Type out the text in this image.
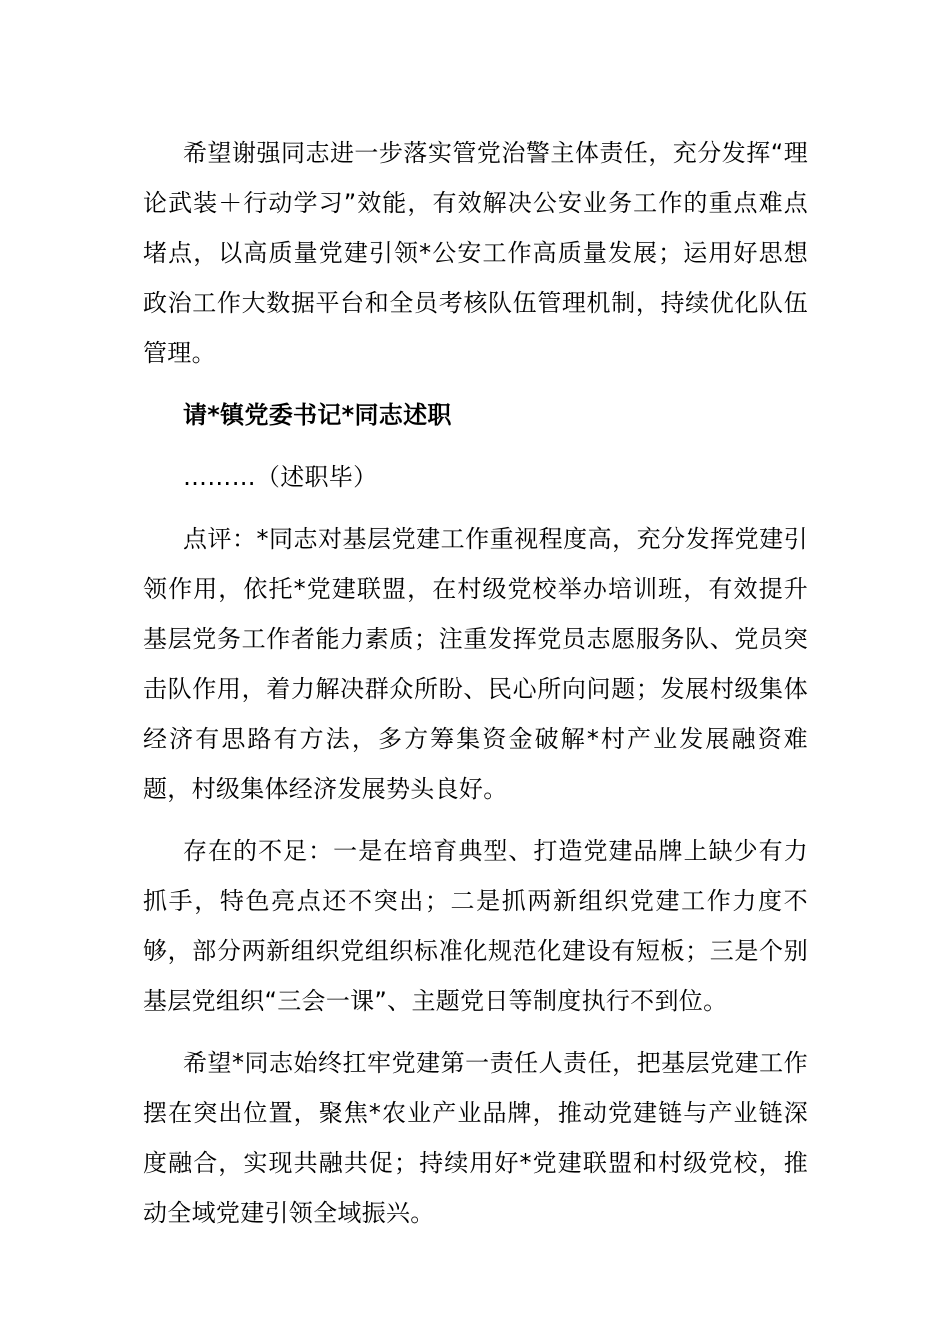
希望谢强同志进一步落实管党治警主体责任，充分发挥“理论武装＋行动学习”效能，有效解决公安业务工作的重点难点堵点，以高质量党建引领*公安工作高质量发展；运用好思想政治工作大数据平台和全员考核队伍管理机制，持续优化队伍管理。

请*镇党委书记*同志述职

………（述职毕）

点评：*同志对基层党建工作重视程度高，充分发挥党建引领作用，依托*党建联盟，在村级党校举办培训班，有效提升基层党务工作者能力素质；注重发挥党员志愿服务队、党员突击队作用，着力解决群众所盼、民心所向问题；发展村级集体经济有思路有方法，多方筹集资金破解*村产业发展融资难题，村级集体经济发展势头良好。

存在的不足：一是在培育典型、打造党建品牌上缺少有力抓手，特色亮点还不突出；二是抓两新组织党建工作力度不够，部分两新组织党组织标准化规范化建设有短板；三是个别基层党组织“三会一课”、主题党日等制度执行不到位。

希望*同志始终扛牢党建第一责任人责任，把基层党建工作摆在突出位置，聚焦*农业产业品牌，推动党建链与产业链深度融合，实现共融共促；持续用好*党建联盟和村级党校，推动全域党建引领全域振兴。
